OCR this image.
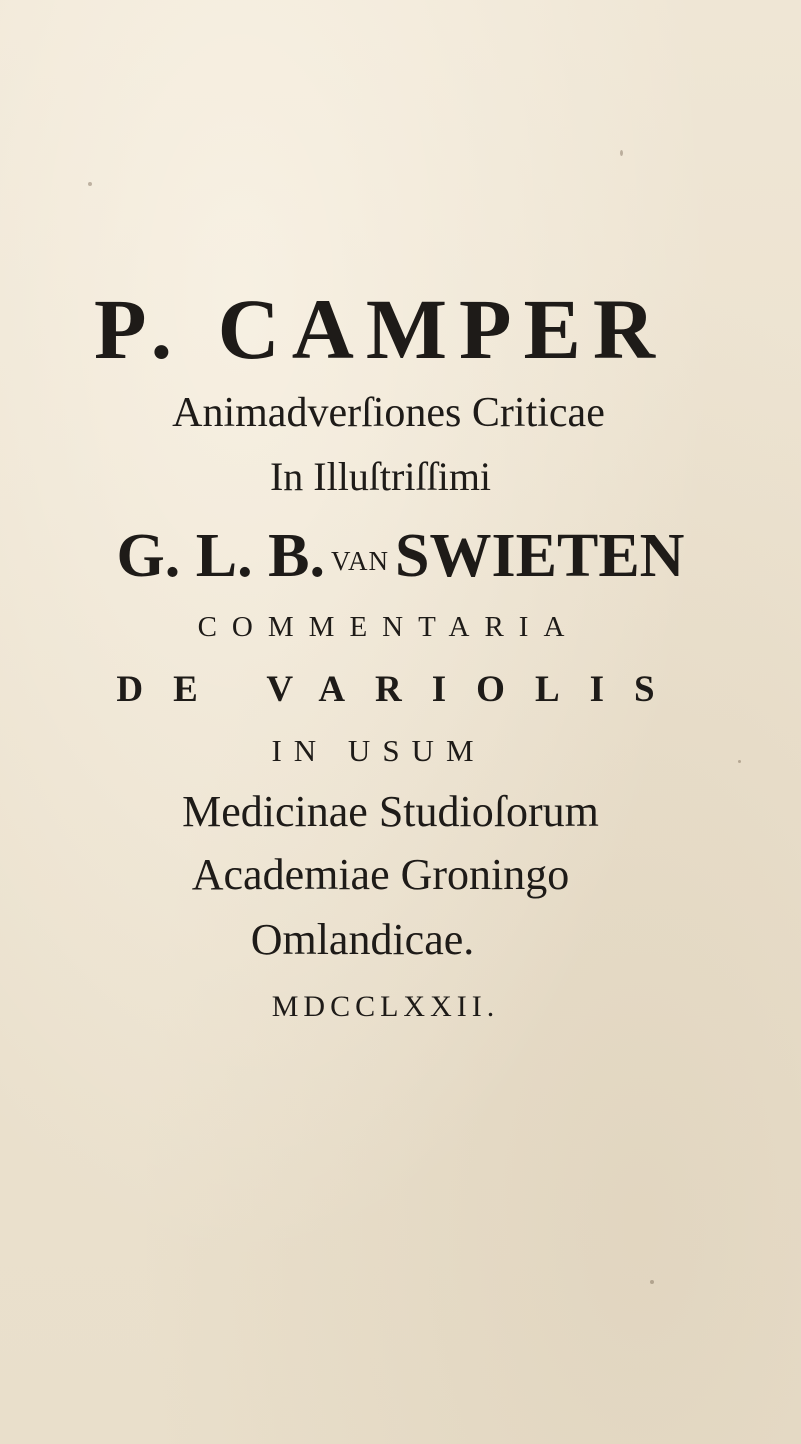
P. CAMPER
Animadverſiones Criticae
In Illuſtriſſimi
G. L. B. VANSWIETEN
COMMENTARIA
DE VARIOLIS
IN USUM
Medicinae Studioſorum
Academiae Groningo
Omlandicae.
MDCCLXXII.
